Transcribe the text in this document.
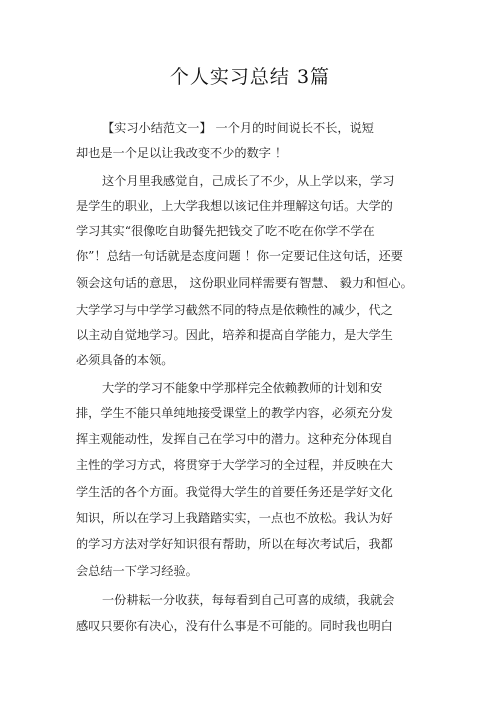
个人实习总结 3篇
【实习小结范文一】 一个月的时间说长不长，说短
却也是一个足以让我改变不少的数字 ！
这个月里我感觉自，己成长了不少，从上学以来，学习
是学生的职业，上大学我想以该记住并理解这句话。大学的
学习其实“很像吃自助餐先把钱交了吃不吃在你学不学在
你”！总结一句话就是态度问题 ！你一定要记住这句话，还要
领会这句话的意思， 这份职业同样需要有智慧、 毅力和恒心。
大学学习与中学学习截然不同的特点是依赖性的减少，代之
以主动自觉地学习。因此，培养和提高自学能力，是大学生
必须具备的本领。
大学的学习不能象中学那样完全依赖教师的计划和安
排，学生不能只单纯地接受课堂上的教学内容，必须充分发
挥主观能动性，发挥自己在学习中的潜力。这种充分体现自
主性的学习方式，将贯穿于大学学习的全过程，并反映在大
学生活的各个方面。我觉得大学生的首要任务还是学好文化
知识，所以在学习上我踏踏实实，一点也不放松。我认为好
的学习方法对学好知识很有帮助，所以在每次考试后，我都
会总结一下学习经验。
一份耕耘一分收获，每每看到自己可喜的成绩，我就会
感叹只要你有决心，没有什么事是不可能的。同时我也明白
